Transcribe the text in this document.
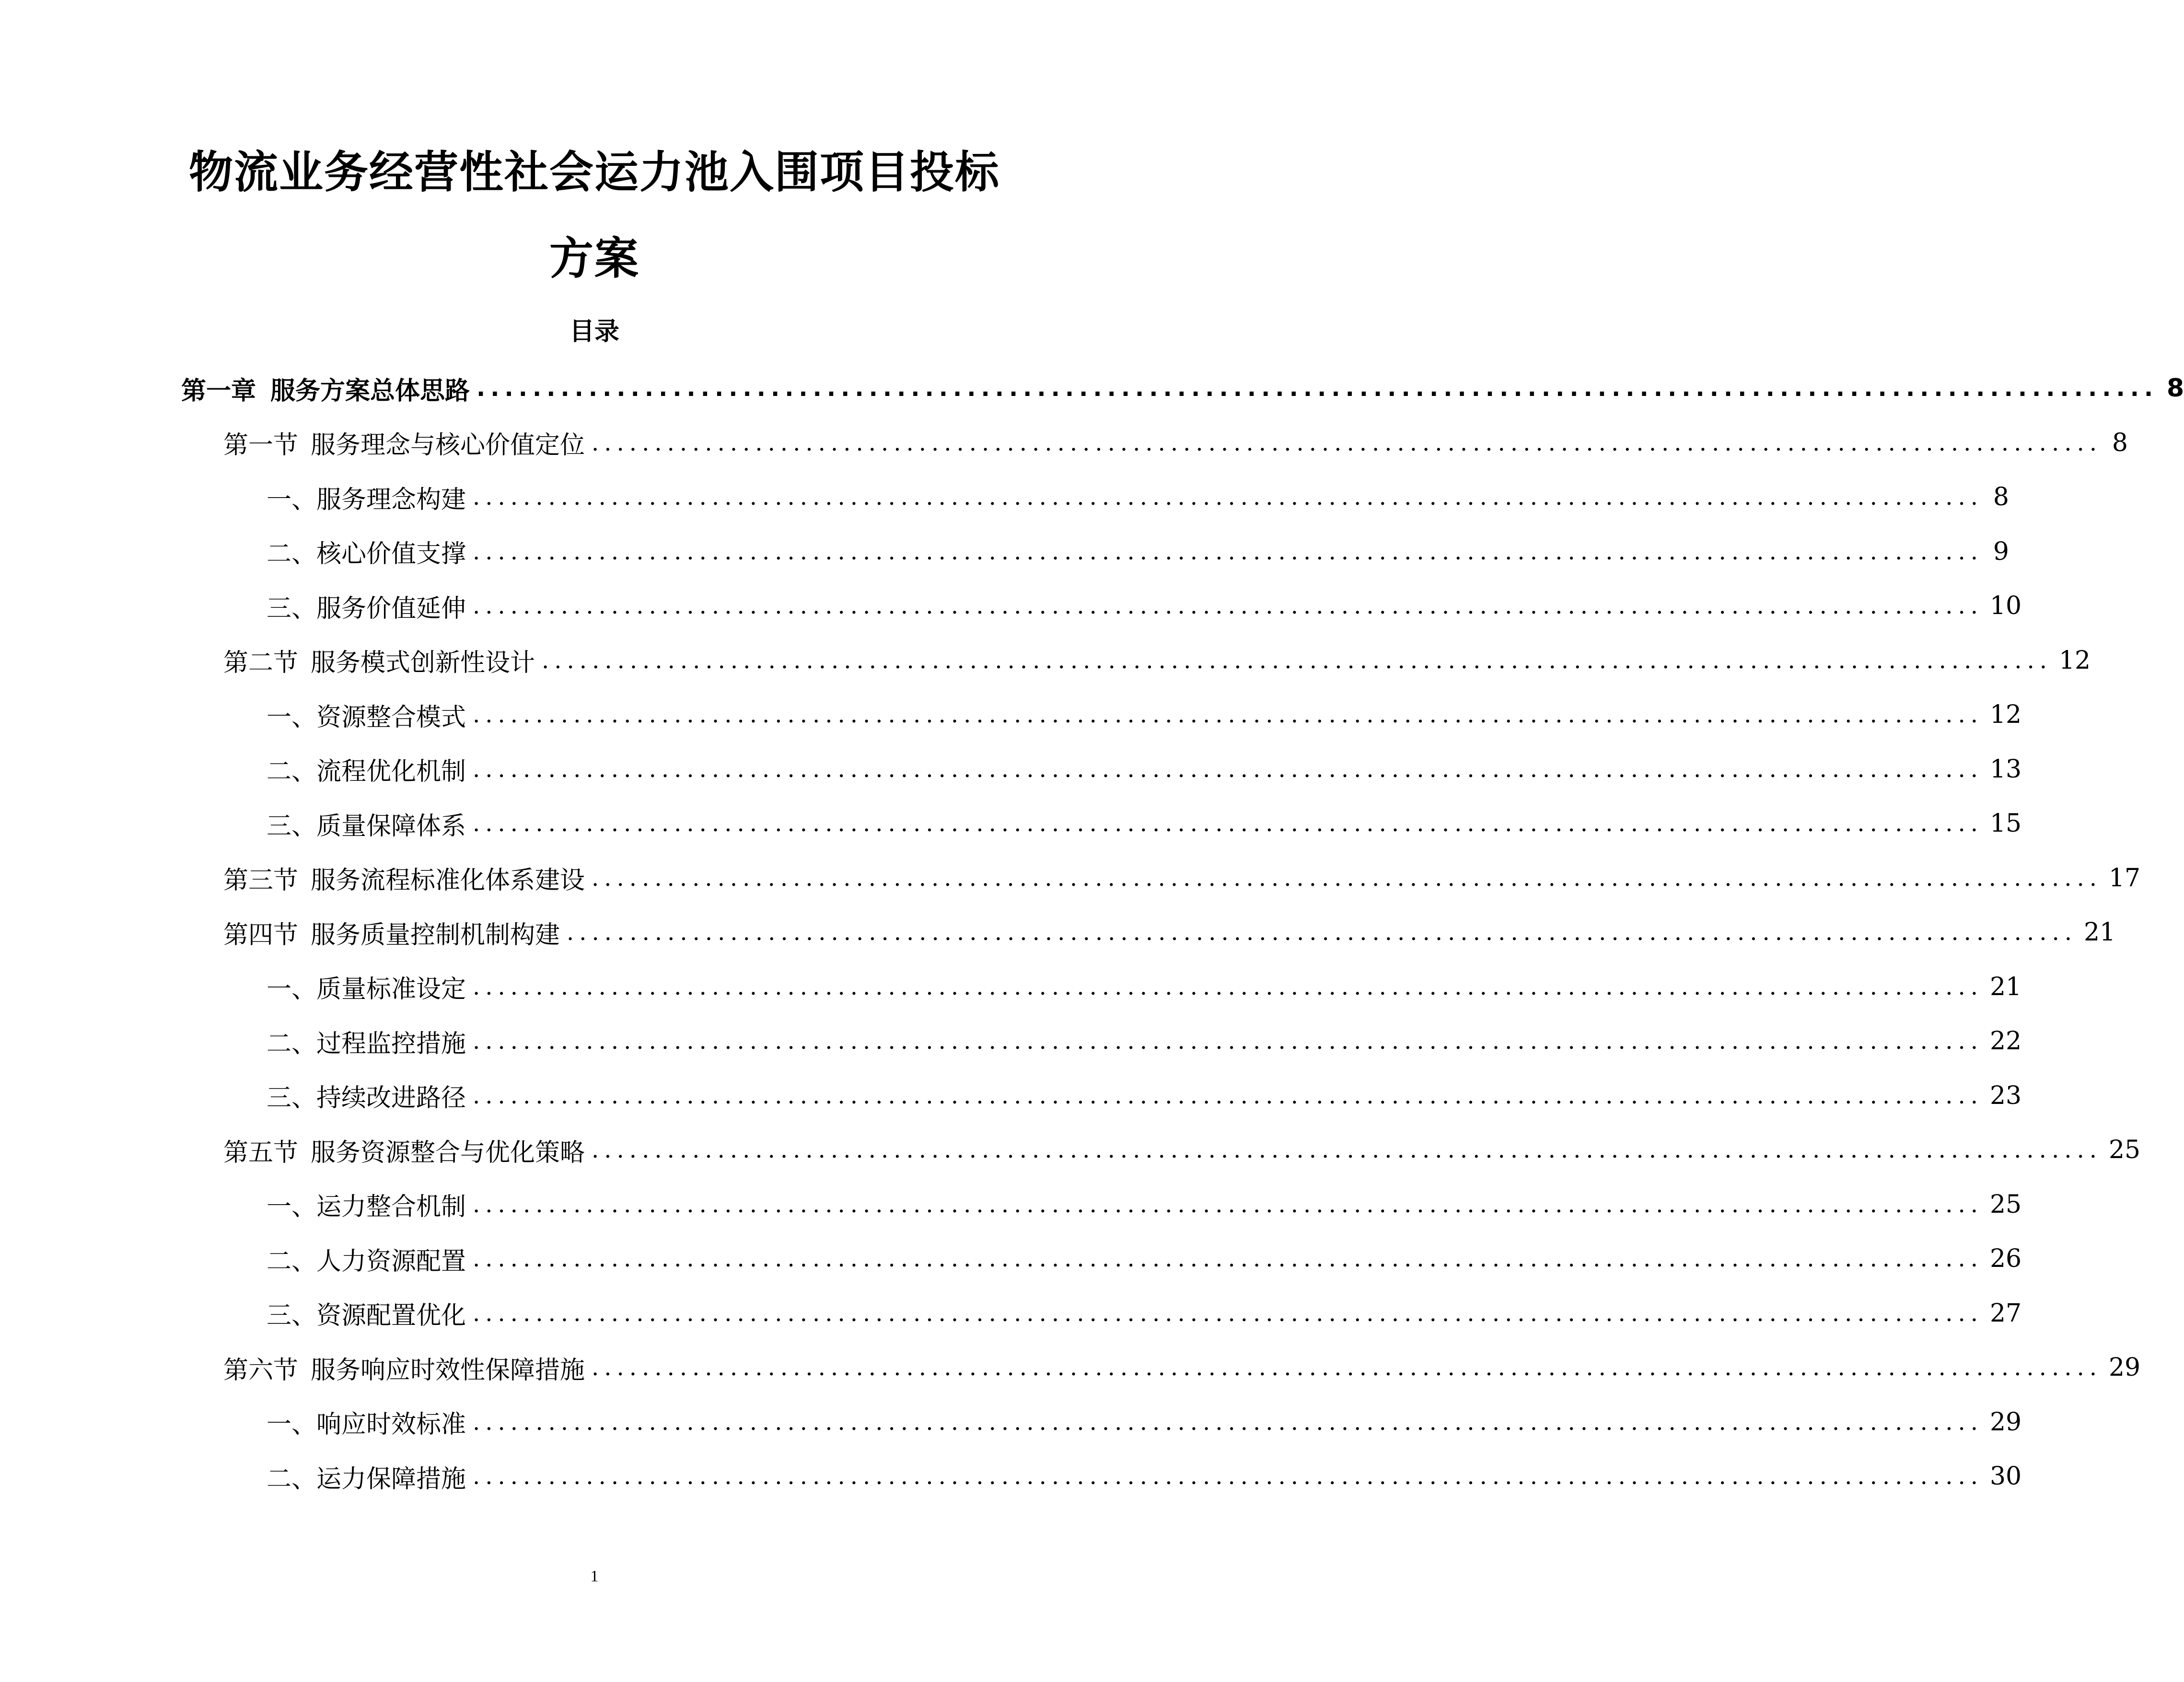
物流业务经营性社会运力池入围项目投标
方案
目录
第一章 服务方案总体思路 ........................................................................................................................ 8
第一节 服务理念与核心价值定位 ........................................................................................................................ 8
一、 服务理念构建 ........................................................................................................................ 8
二、 核心价值支撑 ........................................................................................................................ 9
三、 服务价值延伸 ........................................................................................................................ 10
第二节 服务模式创新性设计 ........................................................................................................................ 12
一、 资源整合模式 ........................................................................................................................ 12
二、 流程优化机制 ........................................................................................................................ 13
三、 质量保障体系 ........................................................................................................................ 15
第三节 服务流程标准化体系建设 ........................................................................................................................ 17
第四节 服务质量控制机制构建 ........................................................................................................................ 21
一、 质量标准设定 ........................................................................................................................ 21
二、 过程监控措施 ........................................................................................................................ 22
三、 持续改进路径 ........................................................................................................................ 23
第五节 服务资源整合与优化策略 ........................................................................................................................ 25
一、 运力整合机制 ........................................................................................................................ 25
二、 人力资源配置 ........................................................................................................................ 26
三、 资源配置优化 ........................................................................................................................ 27
第六节 服务响应时效性保障措施 ........................................................................................................................ 29
一、 响应时效标准 ........................................................................................................................ 29
二、 运力保障措施 ........................................................................................................................ 30
1
